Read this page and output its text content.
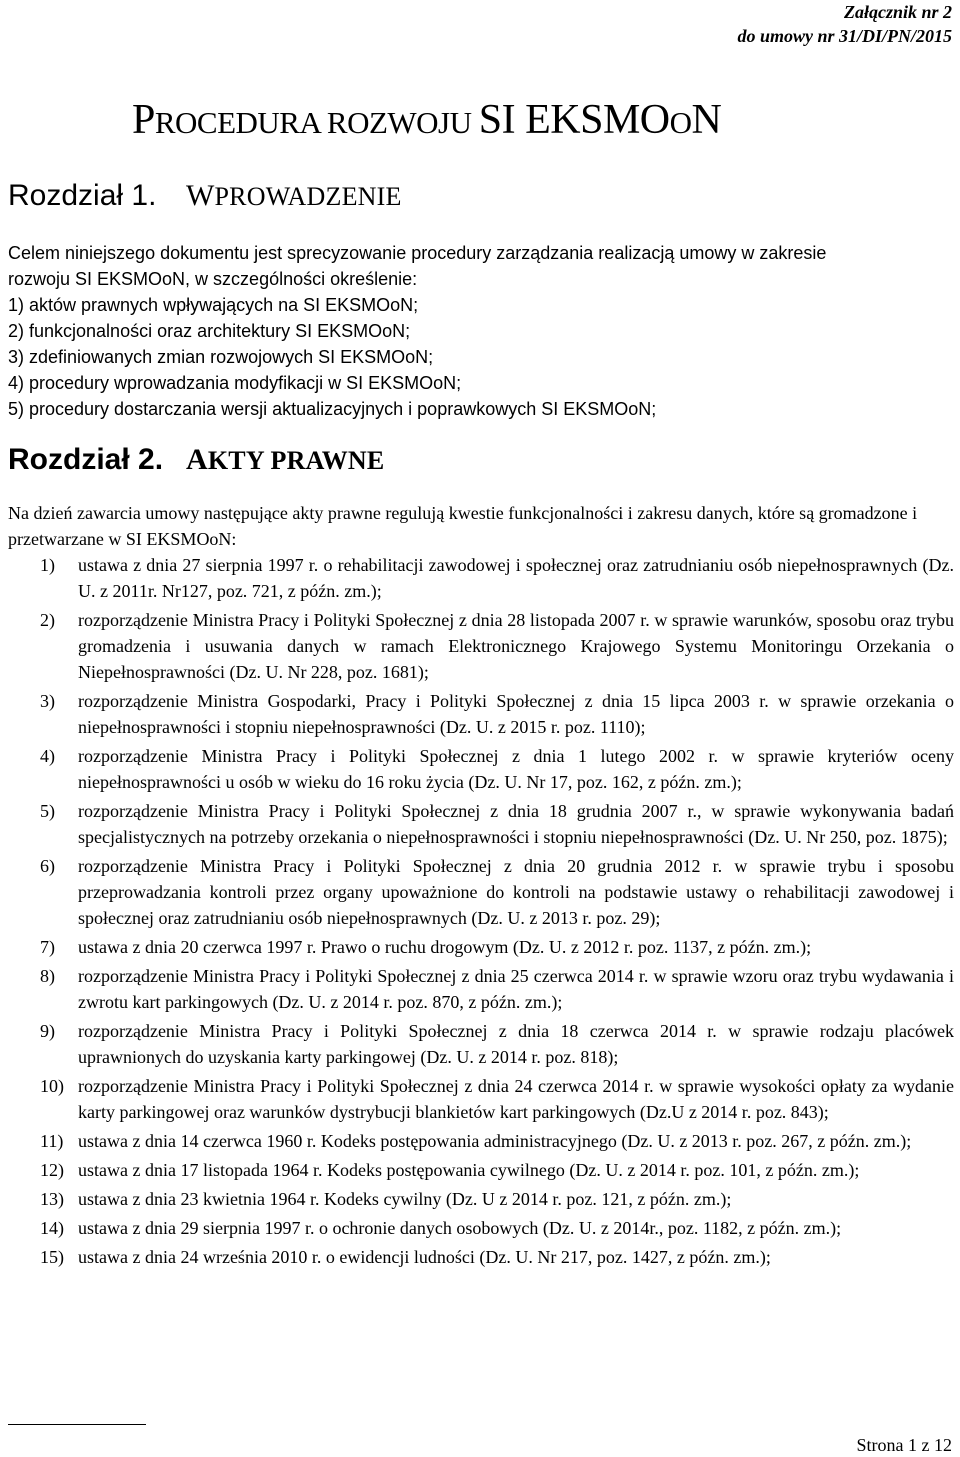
Załącznik nr 2
do umowy nr 31/DI/PN/2015
PROCEDURA ROZWOJU SI EKSMOON
Rozdział 1. WPROWADZENIE
Celem niniejszego dokumentu jest sprecyzowanie procedury zarządzania realizacją umowy w zakresie
rozwoju SI EKSMOoN, w szczególności określenie:
1) aktów prawnych wpływających na SI EKSMOoN;
2) funkcjonalności oraz architektury SI EKSMOoN;
3) zdefiniowanych zmian rozwojowych SI EKSMOoN;
4) procedury wprowadzania modyfikacji w SI EKSMOoN;
5) procedury dostarczania wersji aktualizacyjnych i poprawkowych SI EKSMOoN;
Rozdział 2. AKTY PRAWNE
Na dzień zawarcia umowy następujące akty prawne regulują kwestie funkcjonalności i zakresu danych, które są gromadzone i przetwarzane w SI EKSMOoN:
1) ustawa z dnia 27 sierpnia 1997 r. o rehabilitacji zawodowej i społecznej oraz zatrudnianiu osób niepełnosprawnych (Dz. U. z 2011r. Nr127, poz. 721, z późn. zm.);
2) rozporządzenie Ministra Pracy i Polityki Społecznej z dnia 28 listopada 2007 r. w sprawie warunków, sposobu oraz trybu gromadzenia i usuwania danych w ramach Elektronicznego Krajowego Systemu Monitoringu Orzekania o Niepełnosprawności (Dz. U. Nr 228, poz. 1681);
3) rozporządzenie Ministra Gospodarki, Pracy i Polityki Społecznej z dnia 15 lipca 2003 r. w sprawie orzekania o niepełnosprawności i stopniu niepełnosprawności (Dz. U. z 2015 r. poz. 1110);
4) rozporządzenie Ministra Pracy i Polityki Społecznej z dnia 1 lutego 2002 r. w sprawie kryteriów oceny niepełnosprawności u osób w wieku do 16 roku życia (Dz. U. Nr 17, poz. 162, z późn. zm.);
5) rozporządzenie Ministra Pracy i Polityki Społecznej z dnia 18 grudnia 2007 r., w sprawie wykonywania badań specjalistycznych na potrzeby orzekania o niepełnosprawności i stopniu niepełnosprawności (Dz. U. Nr 250, poz. 1875);
6) rozporządzenie Ministra Pracy i Polityki Społecznej z dnia 20 grudnia 2012 r. w sprawie trybu i sposobu przeprowadzania kontroli przez organy upoważnione do kontroli na podstawie ustawy o rehabilitacji zawodowej i społecznej oraz zatrudnianiu osób niepełnosprawnych (Dz. U. z 2013 r. poz. 29);
7) ustawa z dnia 20 czerwca 1997 r. Prawo o ruchu drogowym (Dz. U. z 2012 r. poz. 1137, z późn. zm.);
8) rozporządzenie Ministra Pracy i Polityki Społecznej z dnia 25 czerwca 2014 r. w sprawie wzoru oraz trybu wydawania i zwrotu kart parkingowych (Dz. U. z 2014 r. poz. 870, z późn. zm.);
9) rozporządzenie Ministra Pracy i Polityki Społecznej z dnia 18 czerwca 2014 r. w sprawie rodzaju placówek uprawnionych do uzyskania karty parkingowej (Dz. U. z 2014 r. poz. 818);
10) rozporządzenie Ministra Pracy i Polityki Społecznej z dnia 24 czerwca 2014 r. w sprawie wysokości opłaty za wydanie karty parkingowej oraz warunków dystrybucji blankietów kart parkingowych (Dz.U z 2014 r. poz. 843);
11) ustawa z dnia 14 czerwca 1960 r. Kodeks postępowania administracyjnego (Dz. U. z 2013 r. poz. 267, z późn. zm.);
12) ustawa z dnia 17 listopada 1964 r. Kodeks postępowania cywilnego (Dz. U. z 2014 r. poz. 101, z późn. zm.);
13) ustawa z dnia 23 kwietnia 1964 r. Kodeks cywilny (Dz. U z 2014 r. poz. 121, z późn. zm.);
14) ustawa z dnia 29 sierpnia 1997 r. o ochronie danych osobowych (Dz. U. z 2014r., poz. 1182, z późn. zm.);
15) ustawa z dnia 24 września 2010 r. o ewidencji ludności (Dz. U. Nr 217, poz. 1427, z późn. zm.);
Strona 1 z 12
